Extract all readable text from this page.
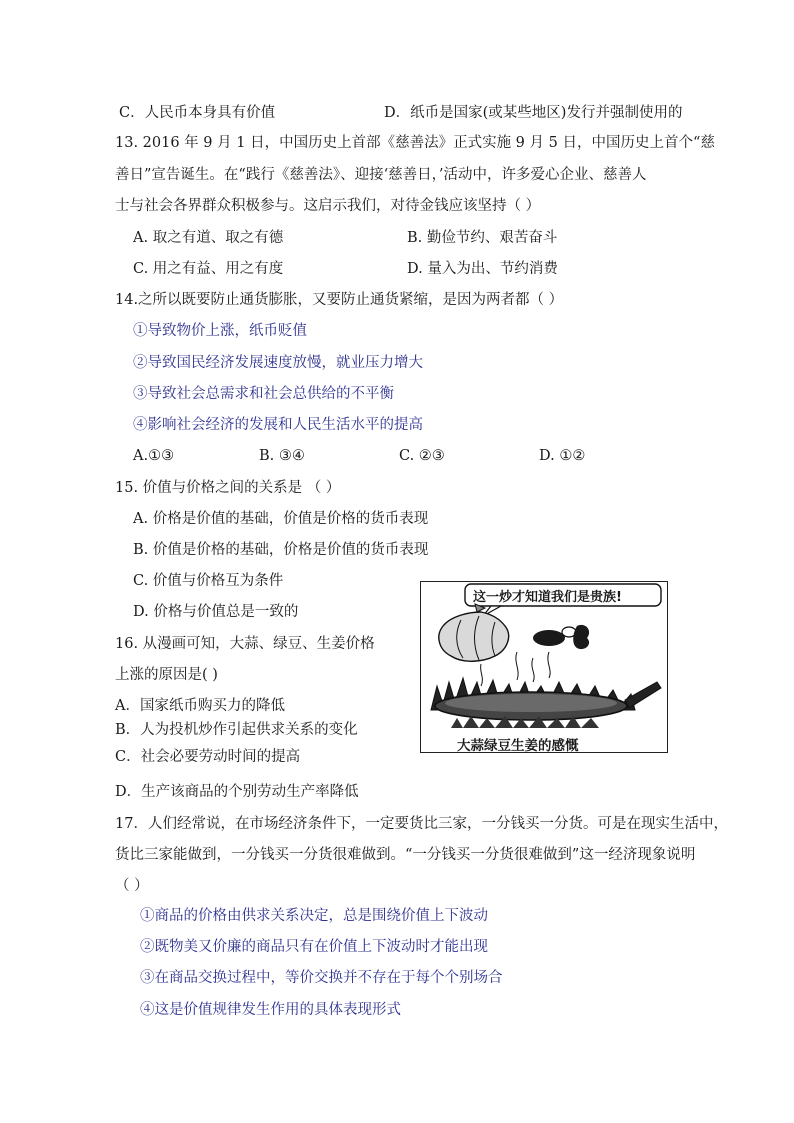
C．人民币本身具有价值	D．纸币是国家(或某些地区)发行并强制使用的
13. 2016 年 9 月 1 日，中国历史上首部《慈善法》正式实施 9 月 5 日，中国历史上首个“慈
善日”宣告诞生。在“践行《慈善法》、迎接‘慈善日，’活动中，许多爱心企业、慈善人
士与社会各界群众积极参与。这启示我们，对待金钱应该坚持（ ）
A. 取之有道、取之有德	B. 勤俭节约、艰苦奋斗
C. 用之有益、用之有度	D. 量入为出、节约消费
14.之所以既要防止通货膨胀，又要防止通货紧缩，是因为两者都（ ）
①导致物价上涨，纸币贬值
②导致国民经济发展速度放慢，就业压力增大
③导致社会总需求和社会总供给的不平衡
④影响社会经济的发展和人民生活水平的提高
A.①③	B. ③④	C. ②③	D. ①②
15. 价值与价格之间的关系是 （ ）
A. 价格是价值的基础，价值是价格的货币表现
B. 价值是价格的基础，价格是价值的货币表现
C. 价值与价格互为条件
D. 价格与价值总是一致的
16. 从漫画可知，大蒜、绿豆、生姜价格
上涨的原因是( )
A．国家纸币购买力的降低
B．人为投机炒作引起供求关系的变化
C．社会必要劳动时间的提高
D．生产该商品的个别劳动生产率降低
这一炒才知道我们是贵族!
大蒜绿豆生姜的感慨
17．人们经常说，在市场经济条件下，一定要货比三家，一分钱买一分货。可是在现实生活中，
货比三家能做到，一分钱买一分货很难做到。“一分钱买一分货很难做到”这一经济现象说明
（ ）
①商品的价格由供求关系决定，总是围绕价值上下波动
②既物美又价廉的商品只有在价值上下波动时才能出现
③在商品交换过程中，等价交换并不存在于每个个别场合
④这是价值规律发生作用的具体表现形式
